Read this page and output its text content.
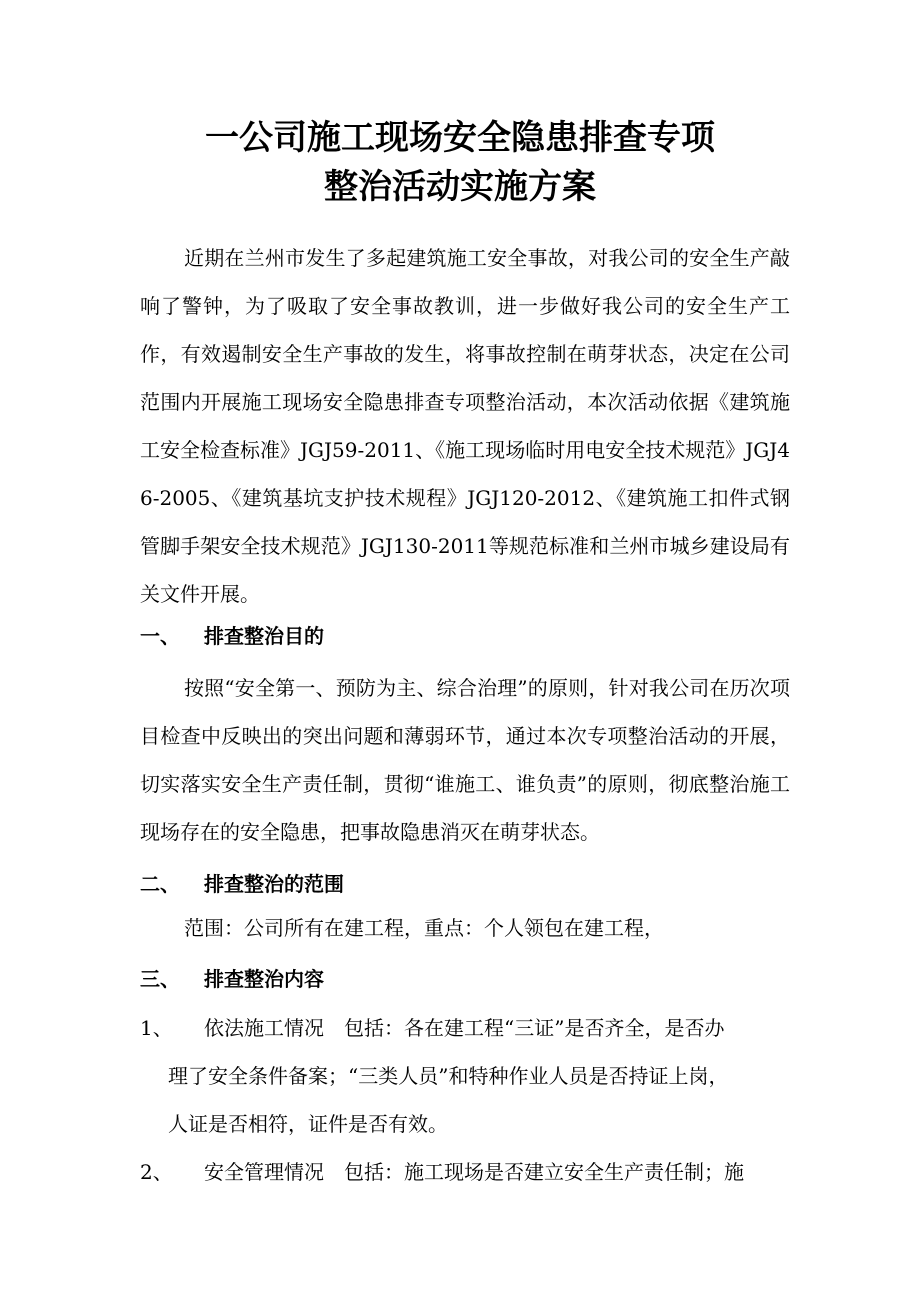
一公司施工现场安全隐患排查专项
整治活动实施方案

近期在兰州市发生了多起建筑施工安全事故，对我公司的安全生产敲响了警钟，为了吸取了安全事故教训，进一步做好我公司的安全生产工作，有效遏制安全生产事故的发生，将事故控制在萌芽状态，决定在公司范围内开展施工现场安全隐患排查专项整治活动，本次活动依据《建筑施工安全检查标准》JGJ59-2011、《施工现场临时用电安全技术规范》JGJ46-2005、《建筑基坑支护技术规程》JGJ120-2012、《建筑施工扣件式钢管脚手架安全技术规范》JGJ130-2011等规范标准和兰州市城乡建设局有关文件开展。

一、 排查整治目的

按照“安全第一、预防为主、综合治理”的原则，针对我公司在历次项目检查中反映出的突出问题和薄弱环节，通过本次专项整治活动的开展，切实落实安全生产责任制，贯彻“谁施工、谁负责”的原则，彻底整治施工现场存在的安全隐患，把事故隐患消灭在萌芽状态。

二、 排查整治的范围

范围：公司所有在建工程，重点：个人领包在建工程，

三、 排查整治内容
1、 依法施工情况　包括：各在建工程“三证”是否齐全，是否办
理了安全条件备案；“三类人员”和特种作业人员是否持证上岗，
人证是否相符，证件是否有效。
2、 安全管理情况　包括：施工现场是否建立安全生产责任制；施
